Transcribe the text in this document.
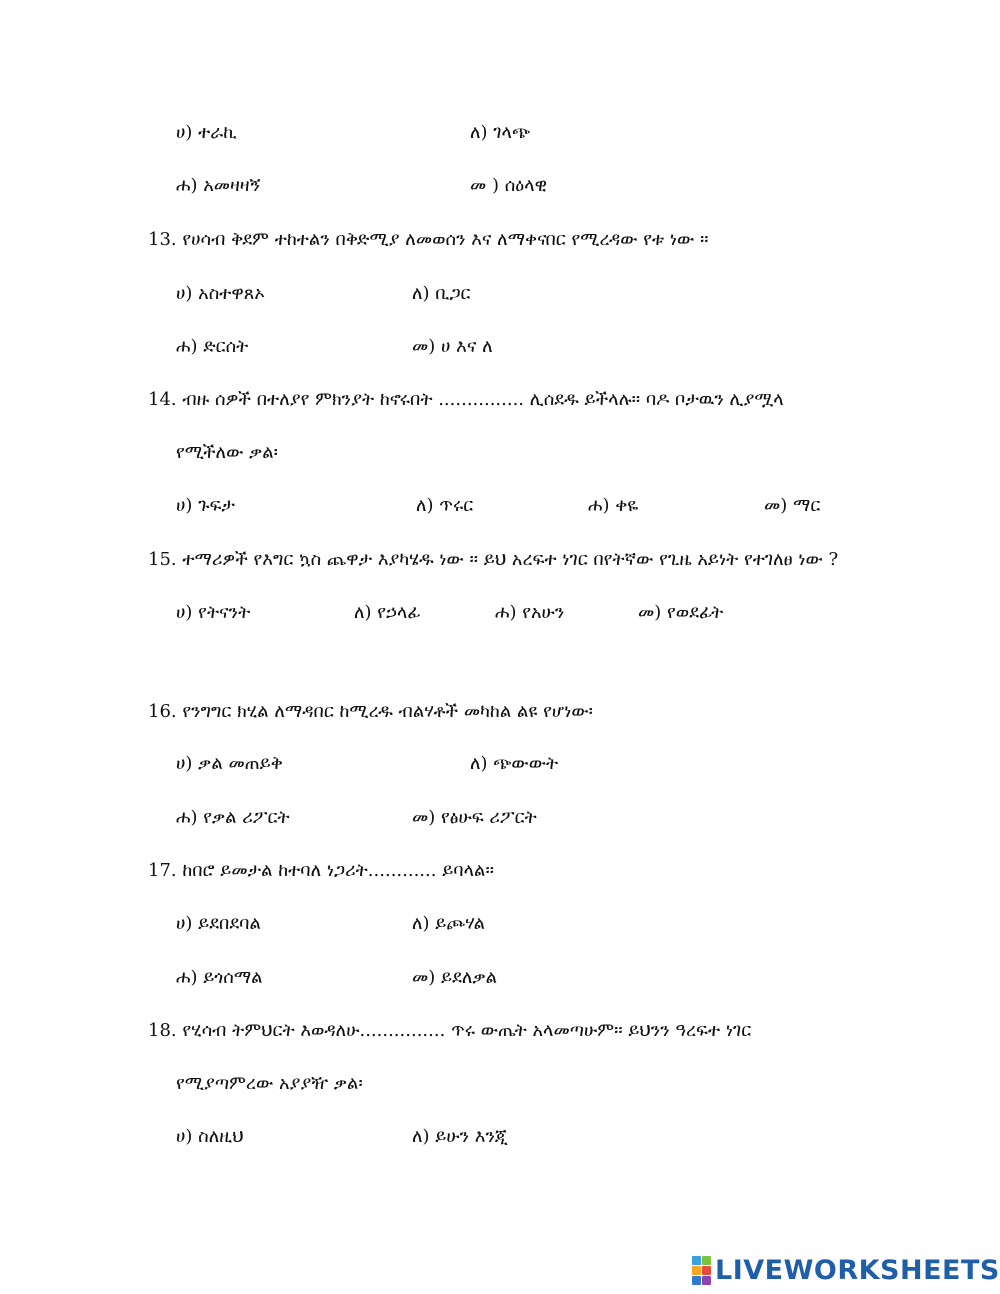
ሀ) ተራኪ	ለ) ገላጭ
ሐ) አመዛዛኝ	መ ) ሰዕላዊ
13. የሀሳብ ቅደም ተከተልን በቅድሚያ ለመወሰን እና ለማቀናበር የሚረዳው የቱ ነው ፡፡
ሀ) አስተዋጸኦ	ለ) ቢጋር
ሐ) ድርሰት	መ) ሀ እና ለ
14. ብዙ ሰዎች በተለያየ ምክንያት ከኖሩበት ............... ሊሰደዱ ይችላሉ፡፡ ባዶ ቦታዉን ሊያሟላ
የሚችለው ቃል፡
ሀ) ጉፍታ	ለ) ጥሩር	ሐ) ቀዬ	መ) ማር
15. ተማሪዎች የእግር ኳስ ጨዋታ እያካሄዱ ነው ፡፡ ይህ አረፍተ ነገር በየትኛው የጊዜ አይነት የተገለፀ ነው ?
ሀ) የትናንት	ለ) የኃላፊ	ሐ) የአሁን	መ) የወደፊት
16. የንግግር ክሂል ለማዳበር ከሚረዱ ብልሃቶች መካከል ልዩ የሆነው፡
ሀ) ቃል መጠይቅ	ለ) ጭውውት
ሐ) የቃል ሪፖርት	መ) የፅሁፍ ሪፖርት
17. ከበሮ ይመታል ከተባለ ነጋሪት............ ይባላል፡፡
ሀ) ይደበደባል	ለ) ይጮሃል
ሐ) ይጎሰማል	መ) ይደለቃል
18. የሂሳብ ትምህርት እወዳለሁ............... ጥሩ ውጤት አላመጣሁም፡፡ ይህንን ዓረፍተ ነገር
የሚያጣምረው አያያዥ ቃል፡
ሀ) ስለዚህ	ለ) ይሁን እንጂ
LIVEWORKSHEETS
